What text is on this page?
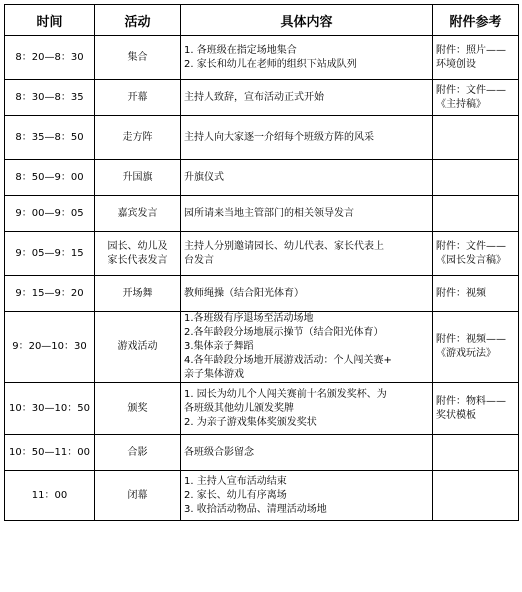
时间	活动	具体内容	附件参考
8：20—8：30	集合	1. 各班级在指定场地集合
2. 家长和幼儿在老师的组织下站成队列	附件：照片——
环境创设

8：30—8：35	开幕	主持人致辞，宣布活动正式开始	附件：文件——
《主持稿》

8：35—8：50	走方阵	主持人向大家逐一介绍每个班级方阵的风采	

8：50—9：00	升国旗	升旗仪式	

9：00—9：05	嘉宾发言	园所请来当地主管部门的相关领导发言	

9：05—9：15	园长、幼儿及
家长代表发言	主持人分别邀请园长、幼儿代表、家长代表上
台发言	附件：文件——
《园长发言稿》

9：15—9：20	开场舞	教师绳操（结合阳光体育）	附件：视频

9：20—10：30	游戏活动	1.各班级有序退场至活动场地
2.各年龄段分场地展示操节（结合阳光体育）
3.集体亲子舞蹈
4.各年龄段分场地开展游戏活动：个人闯关赛+
亲子集体游戏	附件：视频——
《游戏玩法》

10：30—10：50	颁奖	1. 园长为幼儿个人闯关赛前十名颁发奖杯、为
各班级其他幼儿颁发奖牌
2. 为亲子游戏集体奖颁发奖状	附件：物料——
奖状模板

10：50—11：00	合影	各班级合影留念	

11：00	闭幕	1. 主持人宣布活动结束
2. 家长、幼儿有序离场
3. 收拾活动物品、清理活动场地	
